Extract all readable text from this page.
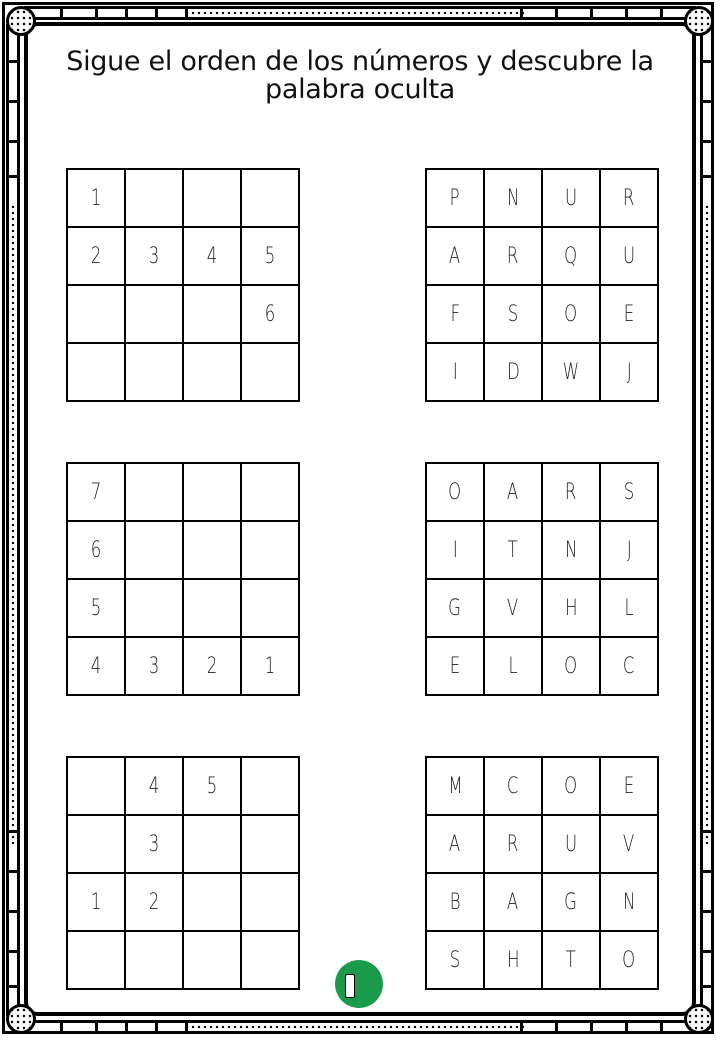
Sigue el orden de los números y descubre la palabra oculta
1			
2	3	4	5
			6

P	N	U	R
A	R	Q	U
F	S	O	E
I	D	W	J
7			
6			
5			
4	3	2	1
O	A	R	S
I	T	N	J
G	V	H	L
E	L	O	C
	4	5	
	3		
1	2		

M	C	O	E
A	R	U	V
B	A	G	N
S	H	T	O
